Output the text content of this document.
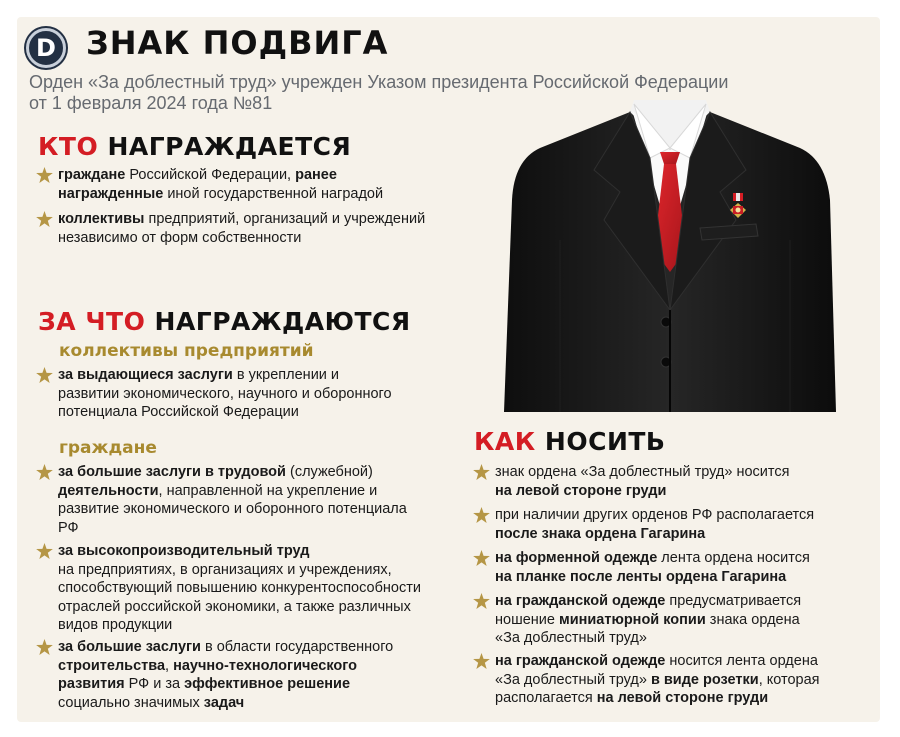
D ЗНАК ПОДВИГА
Орден «За доблестный труд» учрежден Указом президента Российской Федерации
от 1 февраля 2024 года №81
КТО НАГРАЖДАЕТСЯ
граждане Российской Федерации, ранее
награжденные иной государственной наградой
коллективы предприятий, организаций и учреждений
независимо от форм собственности
ЗА ЧТО НАГРАЖДАЮТСЯ
коллективы предприятий
за выдающиеся заслуги в укреплении и
развитии экономического, научного и оборонного
потенциала Российской Федерации
граждане
за большие заслуги в трудовой (служебной)
деятельности, направленной на укрепление и
развитие экономического и оборонного потенциала
РФ
за высокопроизводительный труд
на предприятиях, в организациях и учреждениях,
способствующий повышению конкурентоспособности
отраслей российской экономики, а также различных
видов продукции
за большие заслуги в области государственного
строительства, научно-технологического
развития РФ и за эффективное решение
социально значимых задач
КАК НОСИТЬ
знак ордена «За доблестный труд» носится
на левой стороне груди
при наличии других орденов РФ располагается
после знака ордена Гагарина
на форменной одежде лента ордена носится
на планке после ленты ордена Гагарина
на гражданской одежде предусматривается
ношение миниатюрной копии знака ордена
«За доблестный труд»
на гражданской одежде носится лента ордена
«За доблестный труд» в виде розетки, которая
располагается на левой стороне груди
